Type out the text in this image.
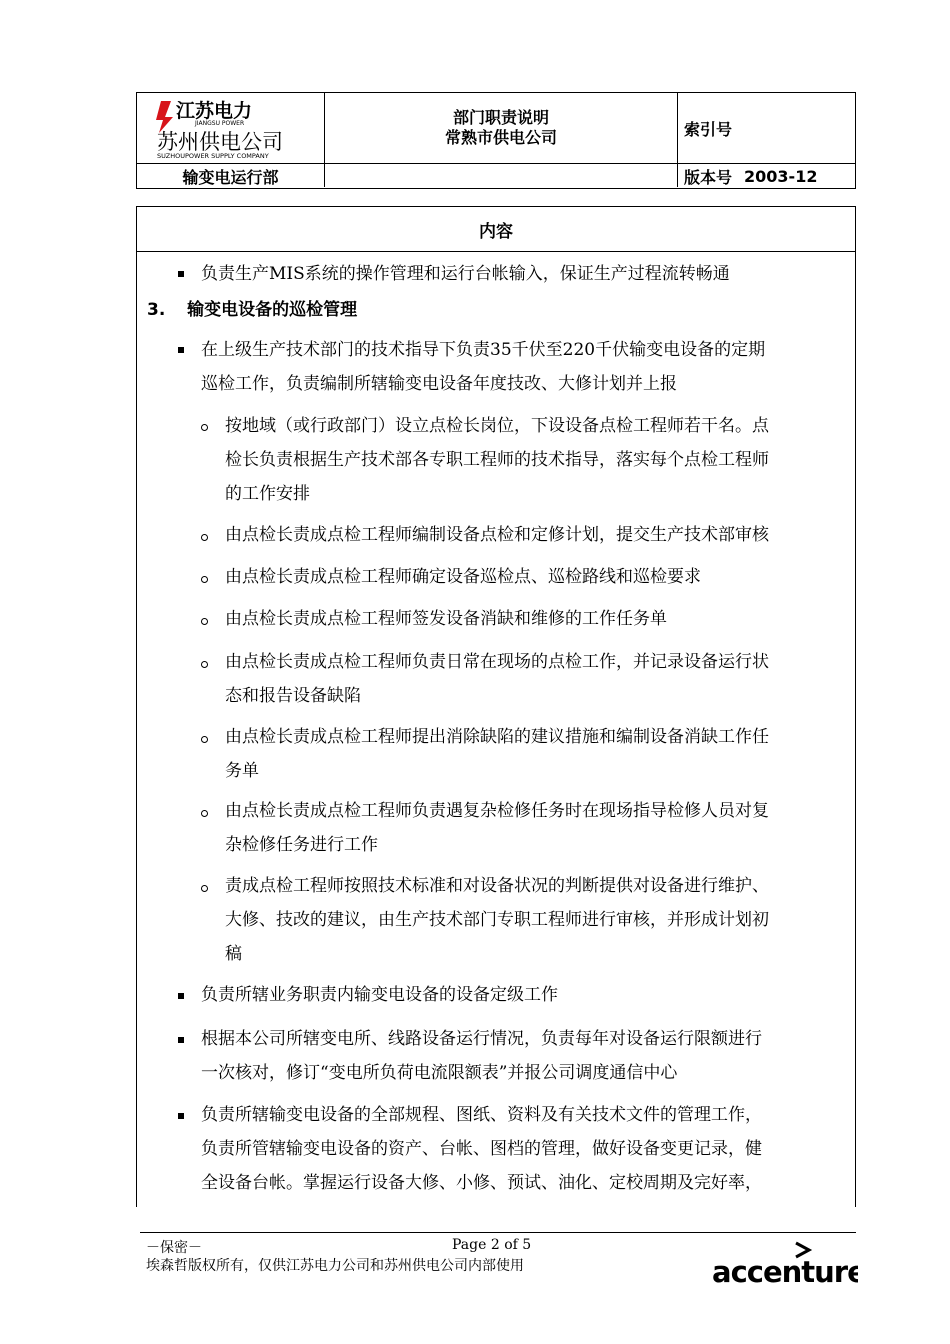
江苏电力
JIANGSU POWER
苏州供电公司
SUZHOUPOWER SUPPLY COMPANY
部门职责说明
常熟市供电公司	索引号
输变电运行部	版本号 2003-12
内容
负责生产MIS系统的操作管理和运行台帐输入，保证生产过程流转畅通
3. 输变电设备的巡检管理
在上级生产技术部门的技术指导下负责35千伏至220千伏输变电设备的定期
巡检工作，负责编制所辖输变电设备年度技改、大修计划并上报
按地域（或行政部门）设立点检长岗位，下设设备点检工程师若干名。点
检长负责根据生产技术部各专职工程师的技术指导，落实每个点检工程师
的工作安排
由点检长责成点检工程师编制设备点检和定修计划，提交生产技术部审核
由点检长责成点检工程师确定设备巡检点、巡检路线和巡检要求
由点检长责成点检工程师签发设备消缺和维修的工作任务单
由点检长责成点检工程师负责日常在现场的点检工作，并记录设备运行状
态和报告设备缺陷
由点检长责成点检工程师提出消除缺陷的建议措施和编制设备消缺工作任
务单
由点检长责成点检工程师负责遇复杂检修任务时在现场指导检修人员对复
杂检修任务进行工作
责成点检工程师按照技术标准和对设备状况的判断提供对设备进行维护、
大修、技改的建议，由生产技术部门专职工程师进行审核，并形成计划初
稿
负责所辖业务职责内输变电设备的设备定级工作
根据本公司所辖变电所、线路设备运行情况，负责每年对设备运行限额进行
一次核对，修订“变电所负荷电流限额表”并报公司调度通信中心
负责所辖输变电设备的全部规程、图纸、资料及有关技术文件的管理工作，
负责所管辖输变电设备的资产、台帐、图档的管理，做好设备变更记录，健
全设备台帐。掌握运行设备大修、小修、预试、油化、定校周期及完好率，
－保密－	Page 2 of 5
埃森哲版权所有，仅供江苏电力公司和苏州供电公司内部使用	accenture
